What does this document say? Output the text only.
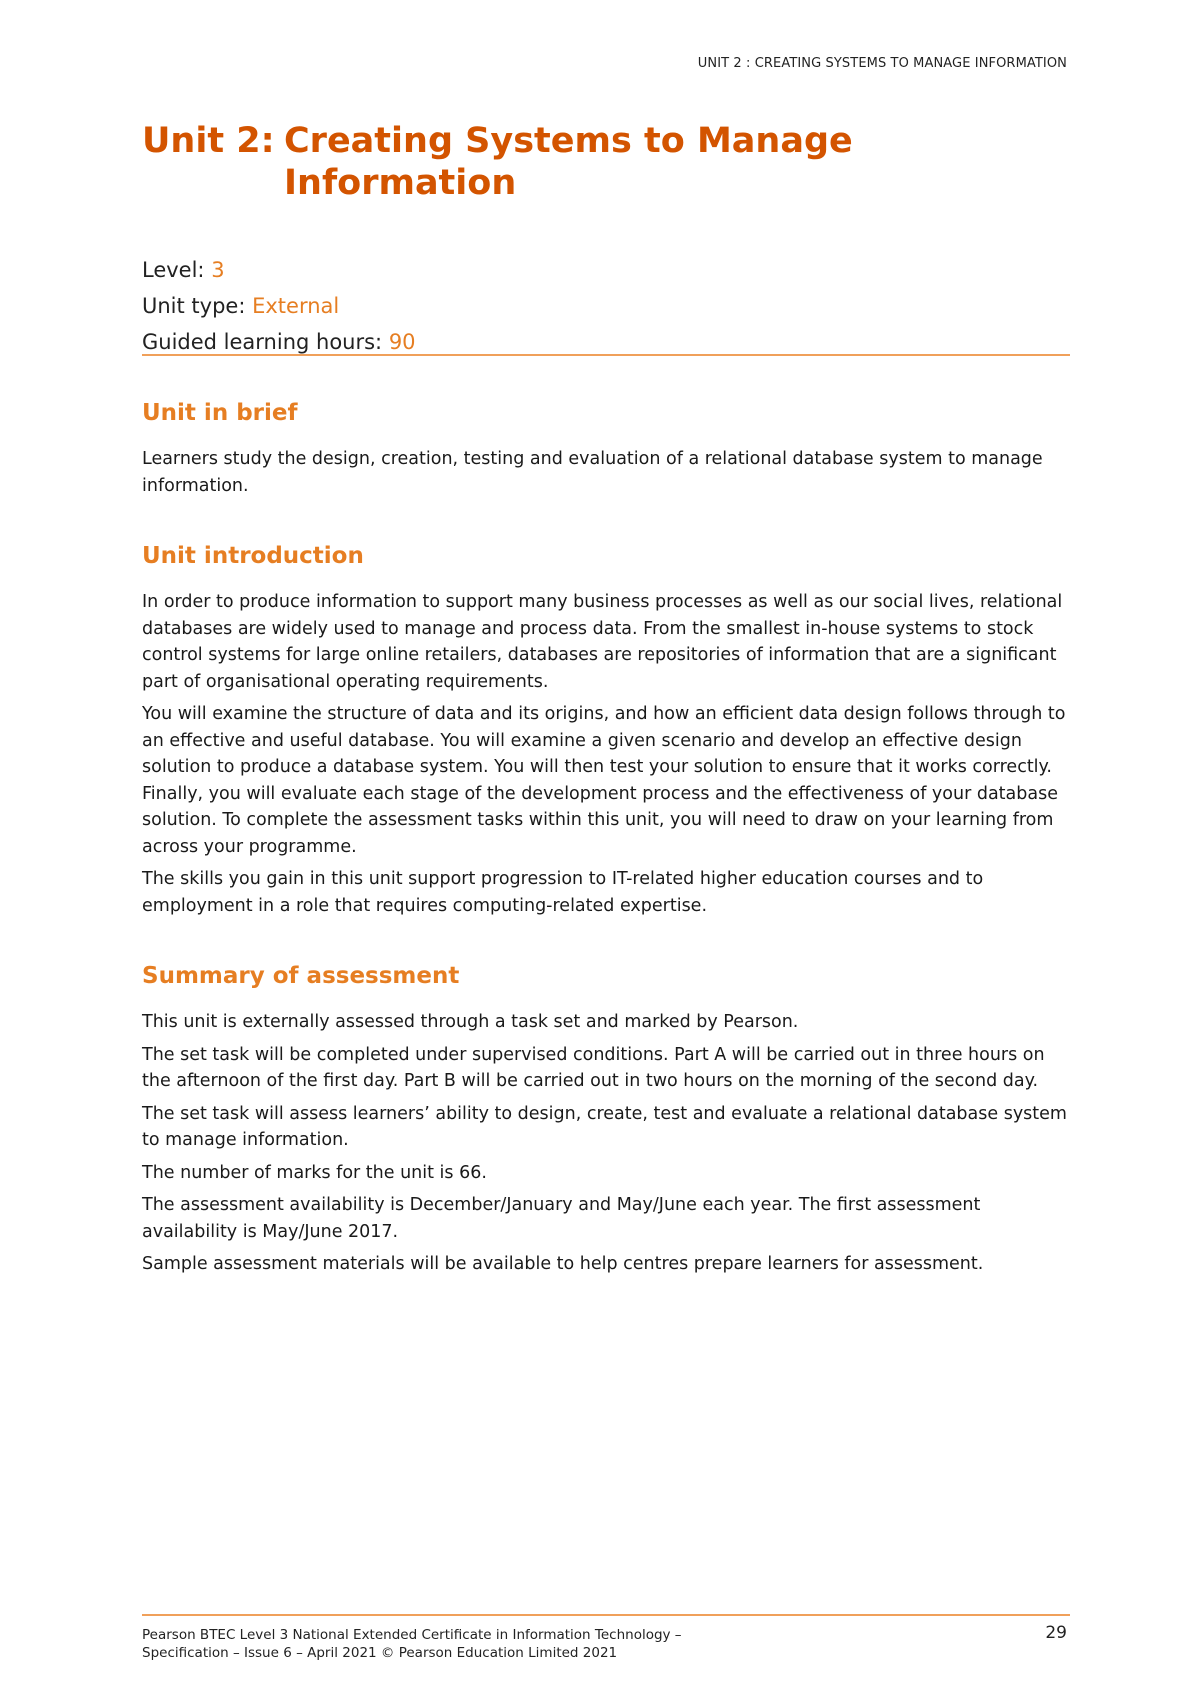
UNIT 2 : CREATING SYSTEMS TO MANAGE INFORMATION
Unit 2: Creating Systems to Manage Information
Level: 3
Unit type: External
Guided learning hours: 90
Unit in brief

Learners study the design, creation, testing and evaluation of a relational database system to manage information.

Unit introduction

In order to produce information to support many business processes as well as our social lives, relational databases are widely used to manage and process data. From the smallest in-house systems to stock control systems for large online retailers, databases are repositories of information that are a significant part of organisational operating requirements.

You will examine the structure of data and its origins, and how an efficient data design follows through to an effective and useful database. You will examine a given scenario and develop an effective design solution to produce a database system. You will then test your solution to ensure that it works correctly. Finally, you will evaluate each stage of the development process and the effectiveness of your database solution. To complete the assessment tasks within this unit, you will need to draw on your learning from across your programme.

The skills you gain in this unit support progression to IT-related higher education courses and to employment in a role that requires computing-related expertise.

Summary of assessment

This unit is externally assessed through a task set and marked by Pearson.

The set task will be completed under supervised conditions. Part A will be carried out in three hours on the afternoon of the first day. Part B will be carried out in two hours on the morning of the second day.

The set task will assess learners’ ability to design, create, test and evaluate a relational database system to manage information.

The number of marks for the unit is 66.

The assessment availability is December/January and May/June each year. The first assessment availability is May/June 2017.

Sample assessment materials will be available to help centres prepare learners for assessment.

Pearson BTEC Level 3 National Extended Certificate in Information Technology –
Specification – Issue 6 – April 2021 © Pearson Education Limited 2021
29
